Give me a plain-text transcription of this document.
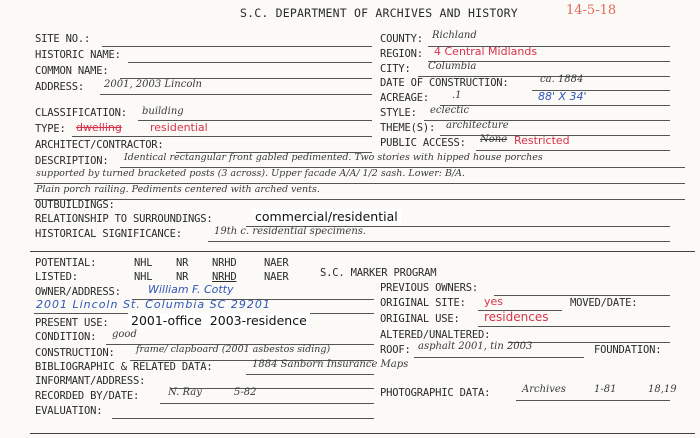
S.C. DEPARTMENT OF ARCHIVES AND HISTORY	14-5-18
SITE NO.:
HISTORIC NAME:
COMMON NAME:
ADDRESS: 2001, 2003 Lincoln
CLASSIFICATION: building
TYPE: dwelling	residential
ARCHITECT/CONTRACTOR:
COUNTY: Richland
REGION: 4 Central Midlands
CITY: Columbia
DATE OF CONSTRUCTION:	ca. 1884
ACREAGE: .1	88' X 34'
STYLE: eclectic
THEME(S): architecture
PUBLIC ACCESS: None Restricted
DESCRIPTION: Identical rectangular front gabled pedimented. Two stories with hipped house porches
supported by turned bracketed posts (3 across). Upper facade A/A/ 1/2 sash. Lower: B/A.
Plain porch railing. Pediments centered with arched vents.
OUTBUILDINGS:
RELATIONSHIP TO SURROUNDINGS:	commercial/residential
HISTORICAL SIGNIFICANCE:	19th c. residential specimens.
POTENTIAL:	NHL NR NRHD	NAER
LISTED:	NHL NR NRHD	NAER	S.C. MARKER PROGRAM
OWNER/ADDRESS: William F. Cotty
2001 Lincoln St. Columbia SC 29201
PRESENT USE: 2001-office  2003-residence
CONDITION: good
CONSTRUCTION: frame/ clapboard (2001 asbestos siding)
BIBLIOGRAPHIC & RELATED DATA:	1884 Sanborn Insurance Maps
INFORMANT/ADDRESS:
RECORDED BY/DATE:	N. Ray	5-82
EVALUATION:
PREVIOUS OWNERS:
ORIGINAL SITE: yes	MOVED/DATE:
ORIGINAL USE: residences
ALTERED/UNALTERED:
ROOF: asphalt 2001, tin 2003	FOUNDATION:
PHOTOGRAPHIC DATA:	Archives	1-81	18,19
